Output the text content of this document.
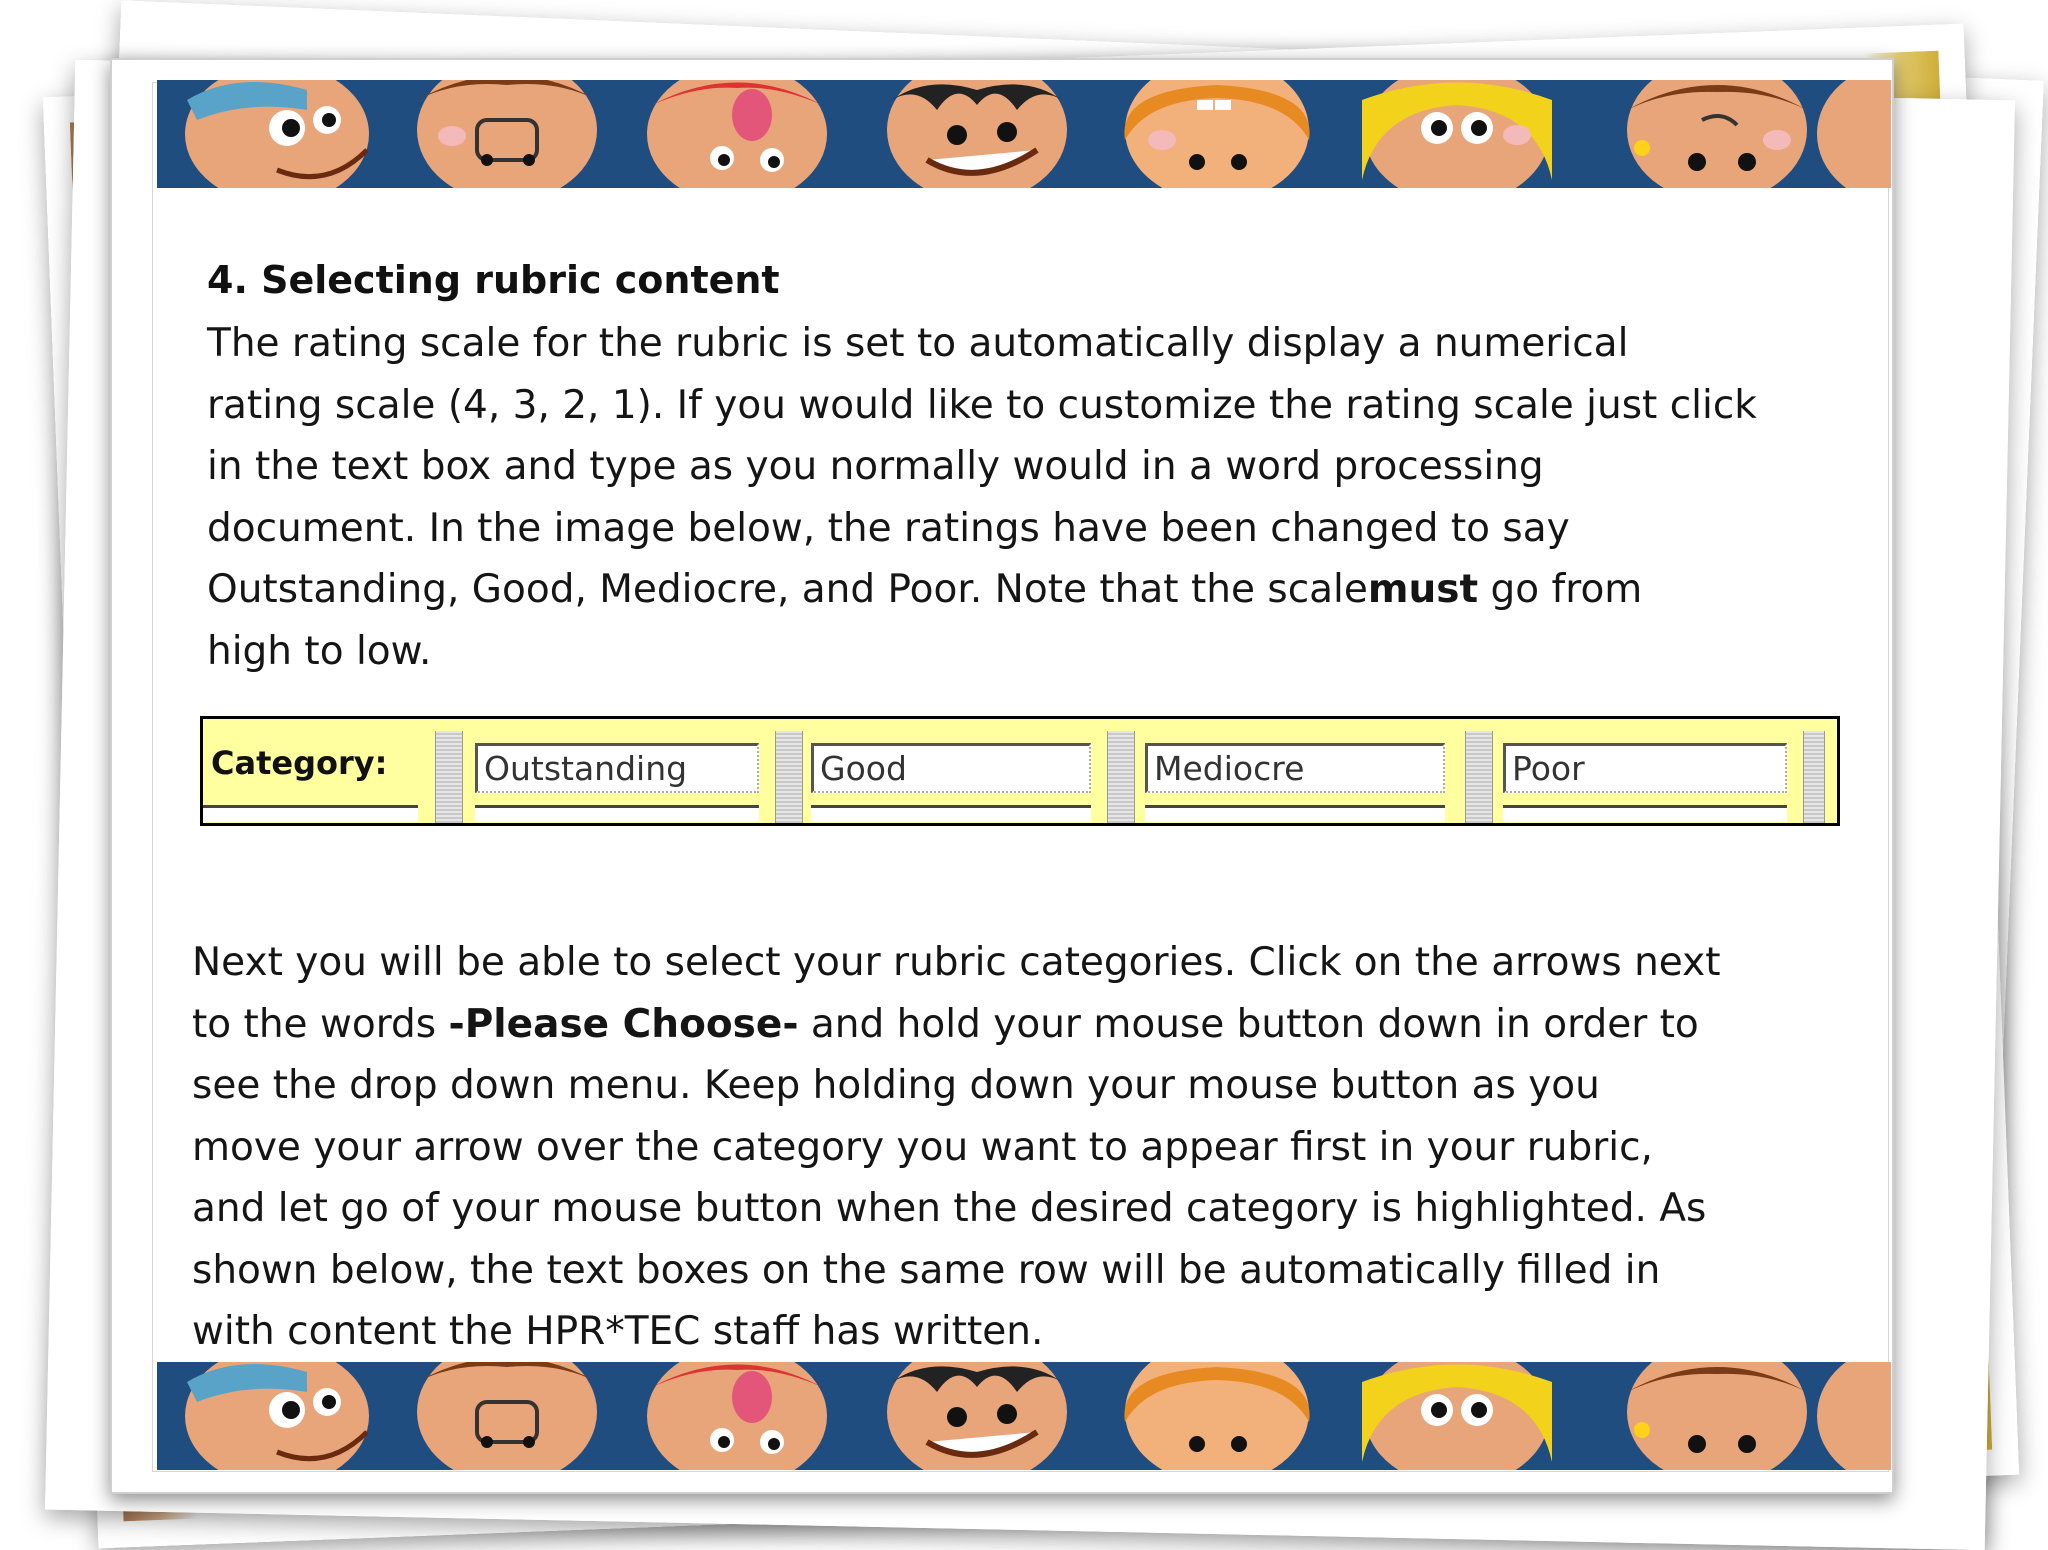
4. Selecting rubric content
The rating scale for the rubric is set to automatically display a numerical
rating scale (4, 3, 2, 1). If you would like to customize the rating scale just click
in the text box and type as you normally would in a word processing
document. In the image below, the ratings have been changed to say
Outstanding, Good, Mediocre, and Poor. Note that the scalemust go from
high to low.
Category:	Outstanding	Good	Mediocre	Poor
Next you will be able to select your rubric categories. Click on the arrows next
to the words -Please Choose- and hold your mouse button down in order to
see the drop down menu. Keep holding down your mouse button as you
move your arrow over the category you want to appear first in your rubric,
and let go of your mouse button when the desired category is highlighted. As
shown below, the text boxes on the same row will be automatically filled in
with content the HPR*TEC staff has written.
